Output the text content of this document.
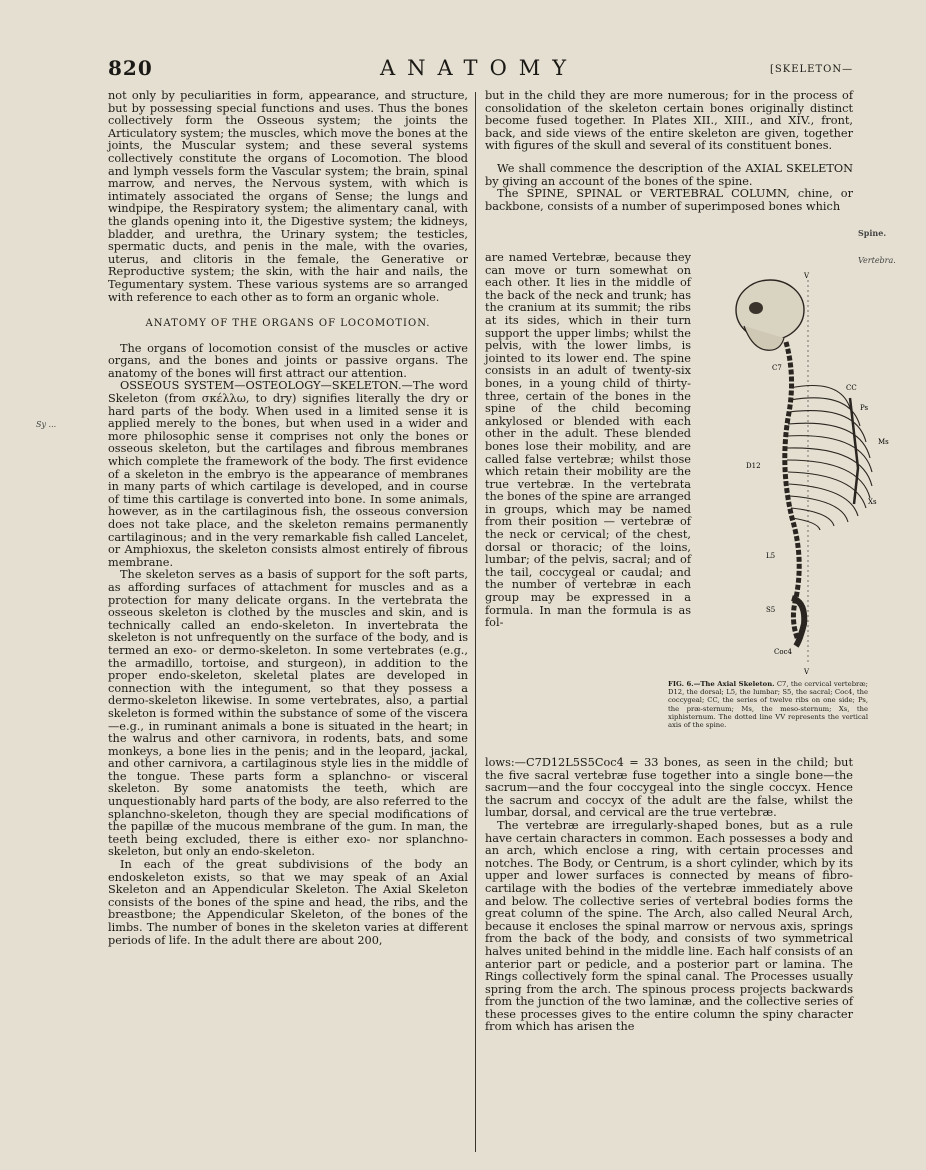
820	ANATOMY	[SKELETON—
Sy ...
Spine.
Vertebra.

not only by peculiarities in form, appearance, and structure, but by possessing special functions and uses. Thus the bones collectively form the Osseous system; the joints the Articulatory system; the muscles, which move the bones at the joints, the Muscular system; and these several systems collectively constitute the organs of Locomotion. The blood and lymph vessels form the Vascular system; the brain, spinal marrow, and nerves, the Nervous system, with which is intimately associated the organs of Sense; the lungs and windpipe, the Respiratory system; the alimentary canal, with the glands opening into it, the Digestive system; the kidneys, bladder, and urethra, the Urinary system; the testicles, spermatic ducts, and penis in the male, with the ovaries, uterus, and clitoris in the female, the Generative or Reproductive system; the skin, with the hair and nails, the Tegumentary system. These various systems are so arranged with reference to each other as to form an organic whole.

ANATOMY OF THE ORGANS OF LOCOMOTION.

The organs of locomotion consist of the muscles or active organs, and the bones and joints or passive organs. The anatomy of the bones will first attract our attention.

OSSEOUS SYSTEM—OSTEOLOGY—SKELETON.—The word Skeleton (from σκέλλω, to dry) signifies literally the dry or hard parts of the body. When used in a limited sense it is applied merely to the bones, but when used in a wider and more philosophic sense it comprises not only the bones or osseous skeleton, but the cartilages and fibrous membranes which complete the framework of the body. The first evidence of a skeleton in the embryo is the appearance of membranes in many parts of which cartilage is developed, and in course of time this cartilage is converted into bone. In some animals, however, as in the cartilaginous fish, the osseous conversion does not take place, and the skeleton remains permanently cartilaginous; and in the very remarkable fish called Lancelet, or Amphioxus, the skeleton consists almost entirely of fibrous membrane.

The skeleton serves as a basis of support for the soft parts, as affording surfaces of attachment for muscles and as a protection for many delicate organs. In the vertebrata the osseous skeleton is clothed by the muscles and skin, and is technically called an endo-skeleton. In invertebrata the skeleton is not unfrequently on the surface of the body, and is termed an exo- or dermo-skeleton. In some vertebrates (e.g., the armadillo, tortoise, and sturgeon), in addition to the proper endo-skeleton, skeletal plates are developed in connection with the integument, so that they possess a dermo-skeleton likewise. In some vertebrates, also, a partial skeleton is formed within the substance of some of the viscera—e.g., in ruminant animals a bone is situated in the heart; in the walrus and other carnivora, in rodents, bats, and some monkeys, a bone lies in the penis; and in the leopard, jackal, and other carnivora, a cartilaginous style lies in the middle of the tongue. These parts form a splanchno- or visceral skeleton. By some anatomists the teeth, which are unquestionably hard parts of the body, are also referred to the splanchno-skeleton, though they are special modifications of the papillæ of the mucous membrane of the gum. In man, the teeth being excluded, there is either exo- nor splanchno-skeleton, but only an endo-skeleton.

In each of the great subdivisions of the body an endoskeleton exists, so that we may speak of an Axial Skeleton and an Appendicular Skeleton. The Axial Skeleton consists of the bones of the spine and head, the ribs, and the breastbone; the Appendicular Skeleton, of the bones of the limbs. The number of bones in the skeleton varies at different periods of life. In the adult there are about 200,

but in the child they are more numerous; for in the process of consolidation of the skeleton certain bones originally distinct become fused together. In Plates XII., XIII., and XIV., front, back, and side views of the entire skeleton are given, together with figures of the skull and several of its constituent bones.

We shall commence the description of the AXIAL SKELETON by giving an account of the bones of the spine.

The SPINE, SPINAL or VERTEBRAL COLUMN, chine, or backbone, consists of a number of superimposed bones which

are named Vertebræ, because they can move or turn somewhat on each other. It lies in the middle of the back of the neck and trunk; has the cranium at its summit; the ribs at its sides, which in their turn support the upper limbs; whilst the pelvis, with the lower limbs, is jointed to its lower end. The spine consists in an adult of twenty-six bones, in a young child of thirty-three, certain of the bones in the spine of the child becoming ankylosed or blended with each other in the adult. These blended bones lose their mobility, and are called false vertebræ; whilst those which retain their mobility are the true vertebræ. In the vertebrata the bones of the spine are arranged in groups, which may be named from their position — vertebræ of the neck or cervical; of the chest, dorsal or thoracic; of the loins, lumbar; of the pelvis, sacral; and of the tail, coccygeal or caudal; and the number of vertebræ in each group may be expressed in a formula. In man the formula is as fol-

V
C7
Ps
D12
CC
Ms
Xs
L5
S5
Coc4
V
FIG. 6.—The Axial Skeleton. C7, the cervical vertebræ; D12, the dorsal; L5, the lumbar; S5, the sacral; Coc4, the coccygeal; CC, the series of twelve ribs on one side; Ps, the præ-sternum; Ms, the meso-sternum; Xs, the xiphisternum. The dotted line VV represents the vertical axis of the spine.

lows:—C7D12L5S5Coc4 = 33 bones, as seen in the child; but the five sacral vertebræ fuse together into a single bone—the sacrum—and the four coccygeal into the single coccyx. Hence the sacrum and coccyx of the adult are the false, whilst the lumbar, dorsal, and cervical are the true vertebræ.

The vertebræ are irregularly-shaped bones, but as a rule have certain characters in common. Each possesses a body and an arch, which enclose a ring, with certain processes and notches. The Body, or Centrum, is a short cylinder, which by its upper and lower surfaces is connected by means of fibro-cartilage with the bodies of the vertebræ immediately above and below. The collective series of vertebral bodies forms the great column of the spine. The Arch, also called Neural Arch, because it encloses the spinal marrow or nervous axis, springs from the back of the body, and consists of two symmetrical halves united behind in the middle line. Each half consists of an anterior part or pedicle, and a posterior part or lamina. The Rings collectively form the spinal canal. The Processes usually spring from the arch. The spinous process projects backwards from the junction of the two laminæ, and the collective series of these processes gives to the entire column the spiny character from which has arisen the
